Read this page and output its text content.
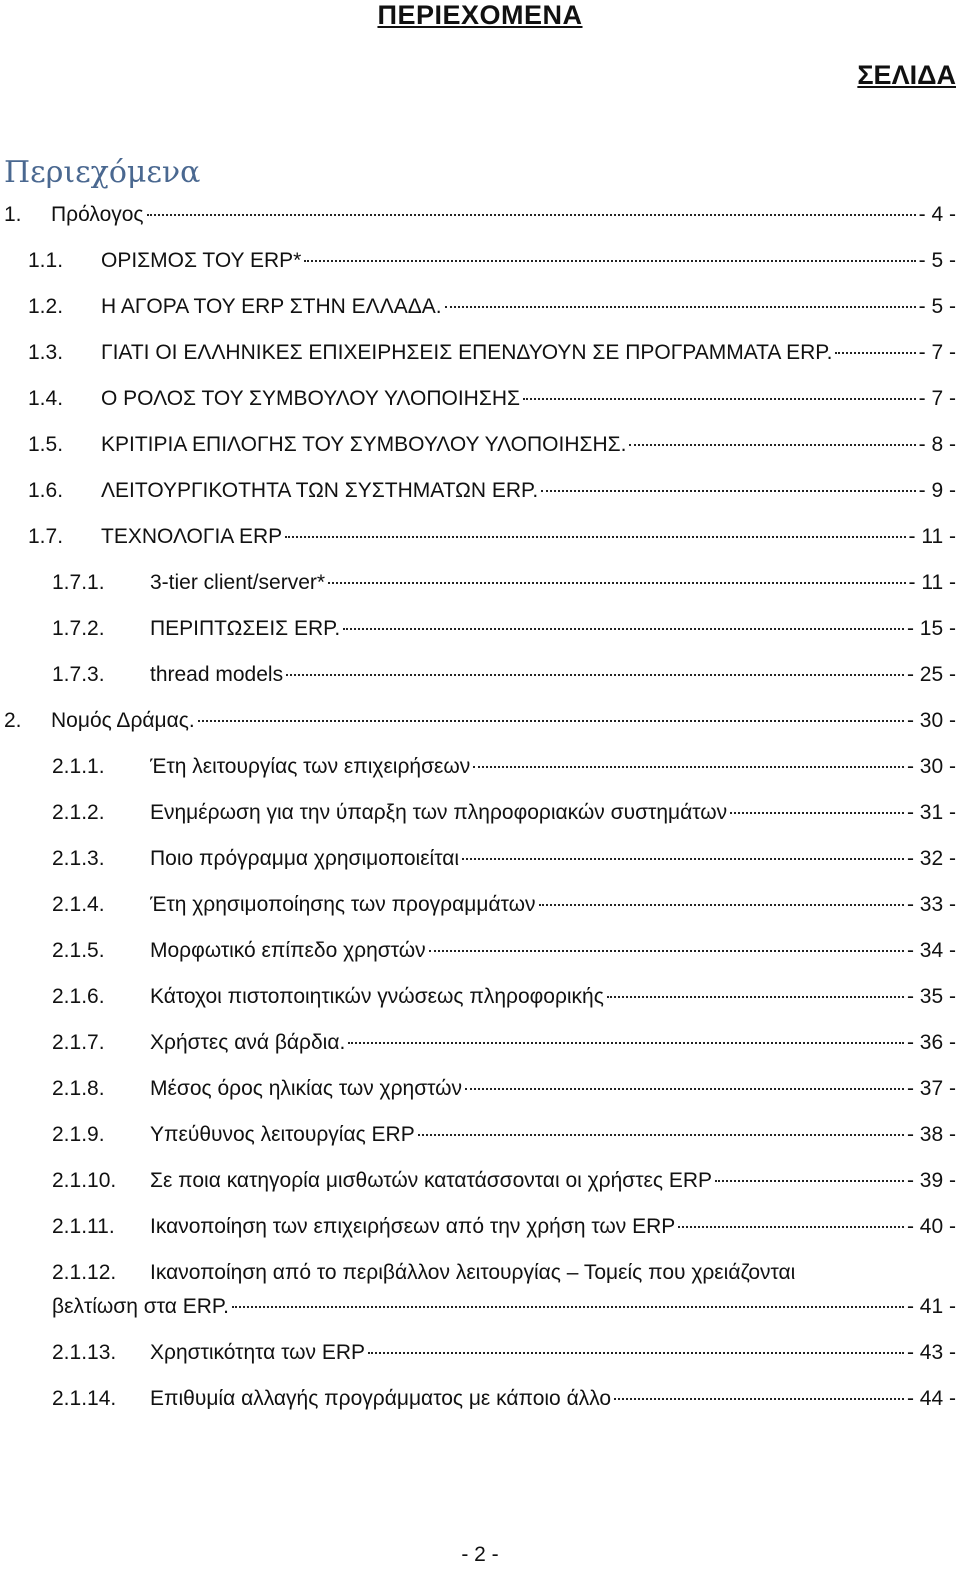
ΠΕΡΙΕΧΟΜΕΝΑ
ΣΕΛΙΔΑ
Περιεχόμενα
1.	Πρόλογος	- 4 -
1.1.	ΟΡΙΣΜΟΣ ΤΟΥ ERP*	- 5 -
1.2.	Η ΑΓΟΡΑ ΤΟΥ ERP ΣΤΗΝ ΕΛΛΑΔΑ.	- 5 -
1.3.	ΓΙΑΤΙ ΟΙ ΕΛΛΗΝΙΚΕΣ ΕΠΙΧΕΙΡΗΣΕΙΣ ΕΠΕΝΔΥΟΥΝ ΣΕ ΠΡΟΓΡΑΜΜΑΤΑ ERP.	- 7 -
1.4.	Ο ΡΟΛΟΣ ΤΟΥ ΣΥΜΒΟΥΛΟΥ ΥΛΟΠΟΙΗΣΗΣ	- 7 -
1.5.	ΚΡΙΤΙΡΙΑ ΕΠΙΛΟΓΗΣ ΤΟΥ ΣΥΜΒΟΥΛΟΥ ΥΛΟΠΟΙΗΣΗΣ.	- 8 -
1.6.	ΛΕΙΤΟΥΡΓΙΚΟΤΗΤΑ ΤΩΝ ΣΥΣΤΗΜΑΤΩΝ ERP.	- 9 -
1.7.	ΤΕΧΝΟΛΟΓΙΑ ERP	- 11 -
1.7.1.	3-tier client/server*	- 11 -
1.7.2.	ΠΕΡΙΠΤΩΣΕΙΣ ERP.	- 15 -
1.7.3.	thread models	- 25 -
2.	Νομός Δράμας.	- 30 -
2.1.1.	Έτη λειτουργίας των επιχειρήσεων	- 30 -
2.1.2.	Ενημέρωση για την ύπαρξη των πληροφοριακών συστημάτων	- 31 -
2.1.3.	Ποιο πρόγραμμα χρησιμοποιείται	- 32 -
2.1.4.	Έτη χρησιμοποίησης των προγραμμάτων	- 33 -
2.1.5.	Μορφωτικό επίπεδο χρηστών	- 34 -
2.1.6.	Κάτοχοι πιστοποιητικών γνώσεως πληροφορικής	- 35 -
2.1.7.	Χρήστες ανά βάρδια.	- 36 -
2.1.8.	Μέσος όρος ηλικίας των χρηστών	- 37 -
2.1.9.	Υπεύθυνος λειτουργίας ERP	- 38 -
2.1.10.	Σε ποια κατηγορία μισθωτών κατατάσσονται οι χρήστες ERP	- 39 -
2.1.11.	Ικανοποίηση των επιχειρήσεων από την χρήση των ERP	- 40 -
2.1.12. Ικανοποίηση από το περιβάλλον λειτουργίας – Τομείς που χρειάζονται
βελτίωση στα ERP.	- 41 -
2.1.13.	Χρηστικότητα των ERP	- 43 -
2.1.14.	Επιθυμία αλλαγής προγράμματος με κάποιο άλλο	- 44 -
- 2 -
